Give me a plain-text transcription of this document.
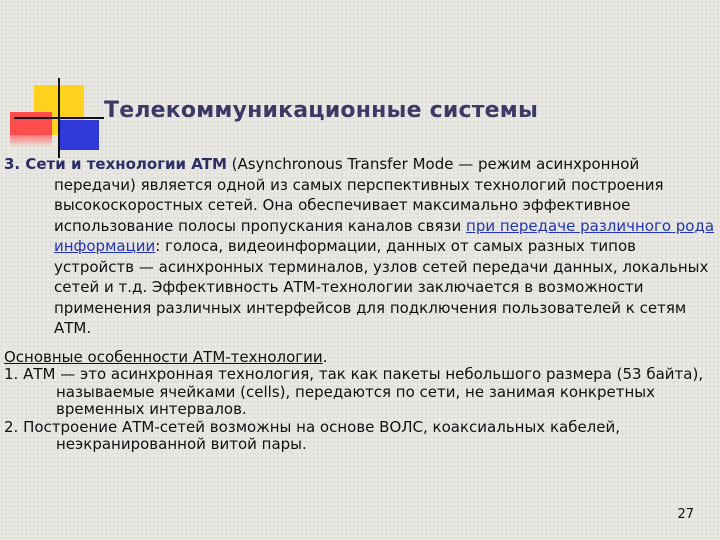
Телекоммуникационные системы

3. Сети и технологии ATM (Asynchronous Transfer Mode — режим асинхронной передачи) является одной из самых перспективных технологий построения высокоскоростных сетей. Она обеспечивает максимально эффективное использование полосы пропускания каналов связи при передаче различного рода информации: голоса, видеоинформации, данных от самых разных типов устройств — асинхронных терминалов, узлов сетей передачи данных, локальных сетей и т.д. Эффективность АТМ-технологии заключается в возможности применения различных интерфейсов для подключения пользователей к сетям АТМ.

Основные особенности АТМ-технологии.

1. АТМ — это асинхронная технология, так как пакеты небольшого размера (53 байта), называемые ячейками (cells), передаются по сети, не занимая конкретных временных интервалов.

2. Построение АТМ-сетей возможны на основе ВОЛС, коаксиальных кабелей, неэкранированной витой пары.

27
